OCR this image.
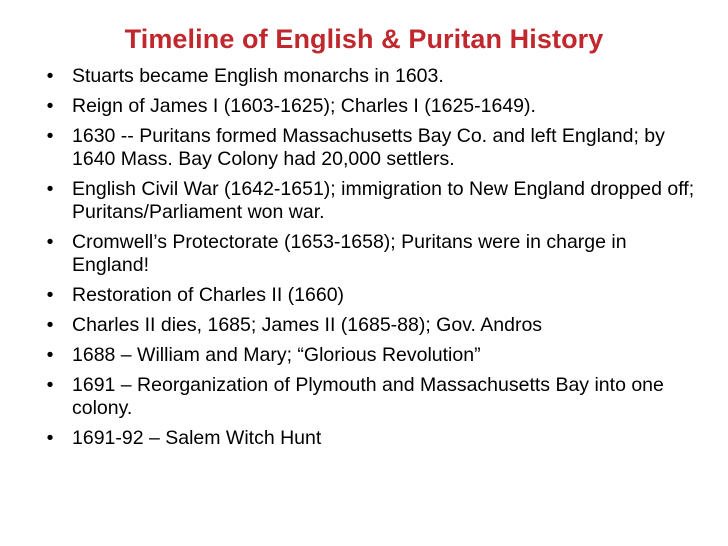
Timeline of English & Puritan History
• Stuarts became English monarchs in 1603.
• Reign of James I (1603-1625); Charles I (1625-1649).
• 1630 -- Puritans formed Massachusetts Bay Co. and left England; by 1640 Mass. Bay Colony had 20,000 settlers.
• English Civil War (1642-1651); immigration to New England dropped off; Puritans/Parliament won war.
• Cromwell’s Protectorate (1653-1658); Puritans were in charge in England!
• Restoration of Charles II (1660)
• Charles II dies, 1685; James II (1685-88); Gov. Andros
• 1688 – William and Mary; “Glorious Revolution”
• 1691 – Reorganization of Plymouth and Massachusetts Bay into one colony.
• 1691-92 – Salem Witch Hunt
